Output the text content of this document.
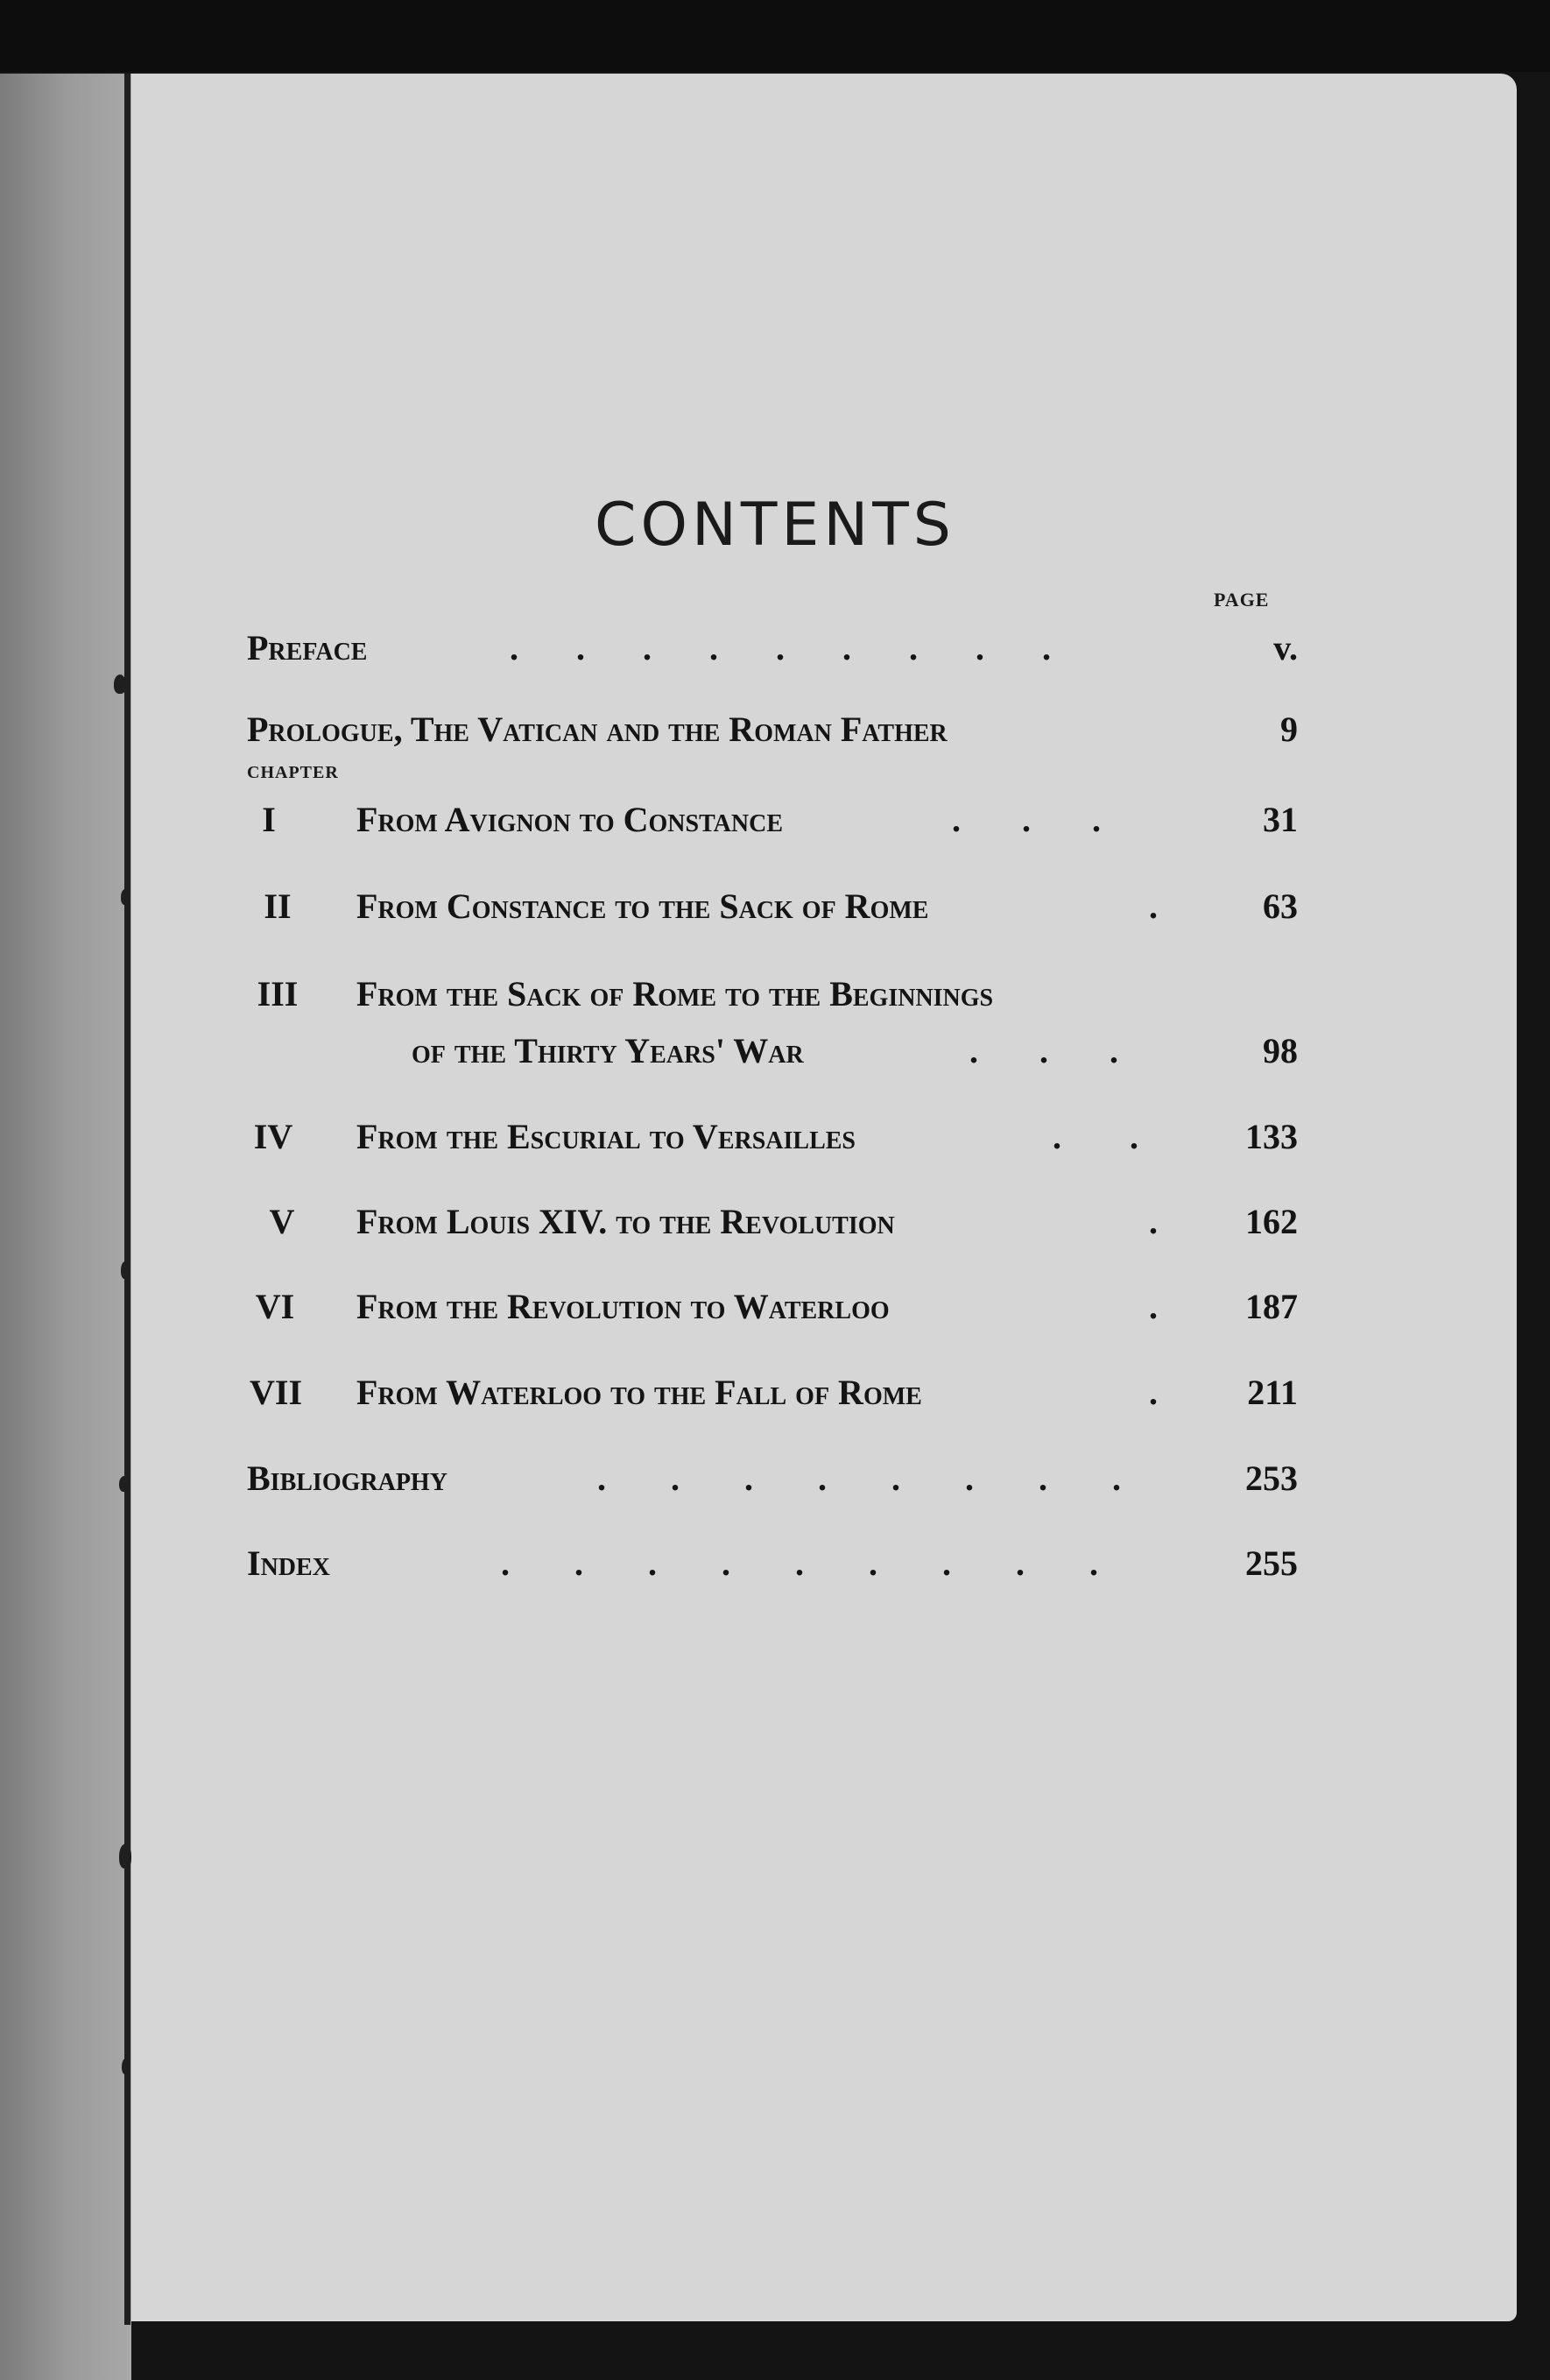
CONTENTS
PAGE
CHAPTER
Preface	. . . . . . . . .	v.
Prologue, The Vatican and the Roman Father	9
I	From Avignon to Constance	. . .	31
II	From Constance to the Sack of Rome	.	63
III	From the Sack of Rome to the Beginnings
of the Thirty Years' War	. . .	98
IV	From the Escurial to Versailles	. .	133
V	From Louis XIV. to the Revolution	.	162
VI	From the Revolution to Waterloo	.	187
VII	From Waterloo to the Fall of Rome	.	211
Bibliography	. . . . . . . .	253
Index	. . . . . . . . .	255
